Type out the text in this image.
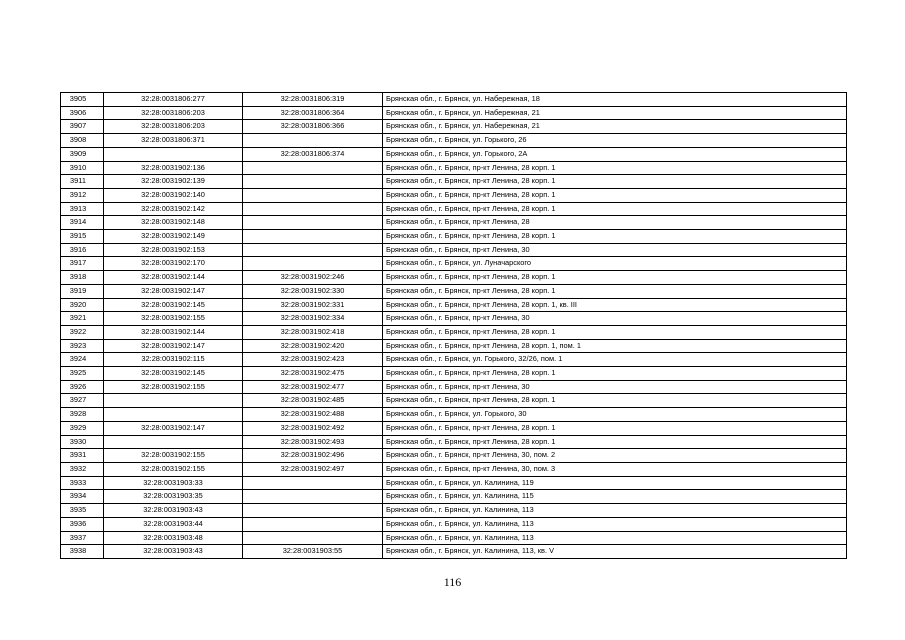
3905	32:28:0031806:277	32:28:0031806:319	Брянская обл., г. Брянск, ул. Набережная, 18
3906	32:28:0031806:203	32:28:0031806:364	Брянская обл., г. Брянск, ул. Набережная, 21
3907	32:28:0031806:203	32:28:0031806:366	Брянская обл., г. Брянск, ул. Набережная, 21
3908	32:28:0031806:371		Брянская обл., г. Брянск, ул. Горького, 26
3909		32:28:0031806:374	Брянская обл., г. Брянск, ул. Горького, 2А
3910	32:28:0031902:136		Брянская обл., г. Брянск, пр-кт Ленина, 28 корп. 1
3911	32:28:0031902:139		Брянская обл., г. Брянск, пр-кт Ленина, 28 корп. 1
3912	32:28:0031902:140		Брянская обл., г. Брянск, пр-кт Ленина, 28 корп. 1
3913	32:28:0031902:142		Брянская обл., г. Брянск, пр-кт Ленина, 28 корп. 1
3914	32:28:0031902:148		Брянская обл., г. Брянск, пр-кт Ленина, 28
3915	32:28:0031902:149		Брянская обл., г. Брянск, пр-кт Ленина, 28 корп. 1
3916	32:28:0031902:153		Брянская обл., г. Брянск, пр-кт Ленина, 30
3917	32:28:0031902:170		Брянская обл., г. Брянск, ул. Луначарского
3918	32:28:0031902:144	32:28:0031902:246	Брянская обл., г. Брянск, пр-кт Ленина, 28 корп. 1
3919	32:28:0031902:147	32:28:0031902:330	Брянская обл., г. Брянск, пр-кт Ленина, 28 корп. 1
3920	32:28:0031902:145	32:28:0031902:331	Брянская обл., г. Брянск, пр-кт Ленина, 28 корп. 1, кв. III
3921	32:28:0031902:155	32:28:0031902:334	Брянская обл., г. Брянск, пр-кт Ленина, 30
3922	32:28:0031902:144	32:28:0031902:418	Брянская обл., г. Брянск, пр-кт Ленина, 28 корп. 1
3923	32:28:0031902:147	32:28:0031902:420	Брянская обл., г. Брянск, пр-кт Ленина, 28 корп. 1, пом. 1
3924	32:28:0031902:115	32:28:0031902:423	Брянская обл., г. Брянск, ул. Горького, 32/26, пом. 1
3925	32:28:0031902:145	32:28:0031902:475	Брянская обл., г. Брянск, пр-кт Ленина, 28 корп. 1
3926	32:28:0031902:155	32:28:0031902:477	Брянская обл., г. Брянск, пр-кт Ленина, 30
3927		32:28:0031902:485	Брянская обл., г. Брянск, пр-кт Ленина, 28 корп. 1
3928		32:28:0031902:488	Брянская обл., г. Брянск, ул. Горького, 30
3929	32:28:0031902:147	32:28:0031902:492	Брянская обл., г. Брянск, пр-кт Ленина, 28 корп. 1
3930		32:28:0031902:493	Брянская обл., г. Брянск, пр-кт Ленина, 28 корп. 1
3931	32:28:0031902:155	32:28:0031902:496	Брянская обл., г. Брянск, пр-кт Ленина, 30, пом. 2
3932	32:28:0031902:155	32:28:0031902:497	Брянская обл., г. Брянск, пр-кт Ленина, 30, пом. 3
3933	32:28:0031903:33		Брянская обл., г. Брянск, ул. Калинина, 119
3934	32:28:0031903:35		Брянская обл., г. Брянск, ул. Калинина, 115
3935	32:28:0031903:43		Брянская обл., г. Брянск, ул. Калинина, 113
3936	32:28:0031903:44		Брянская обл., г. Брянск, ул. Калинина, 113
3937	32:28:0031903:48		Брянская обл., г. Брянск, ул. Калинина, 113
3938	32:28:0031903:43	32:28:0031903:55	Брянская обл., г. Брянск, ул. Калинина, 113, кв. V
116
